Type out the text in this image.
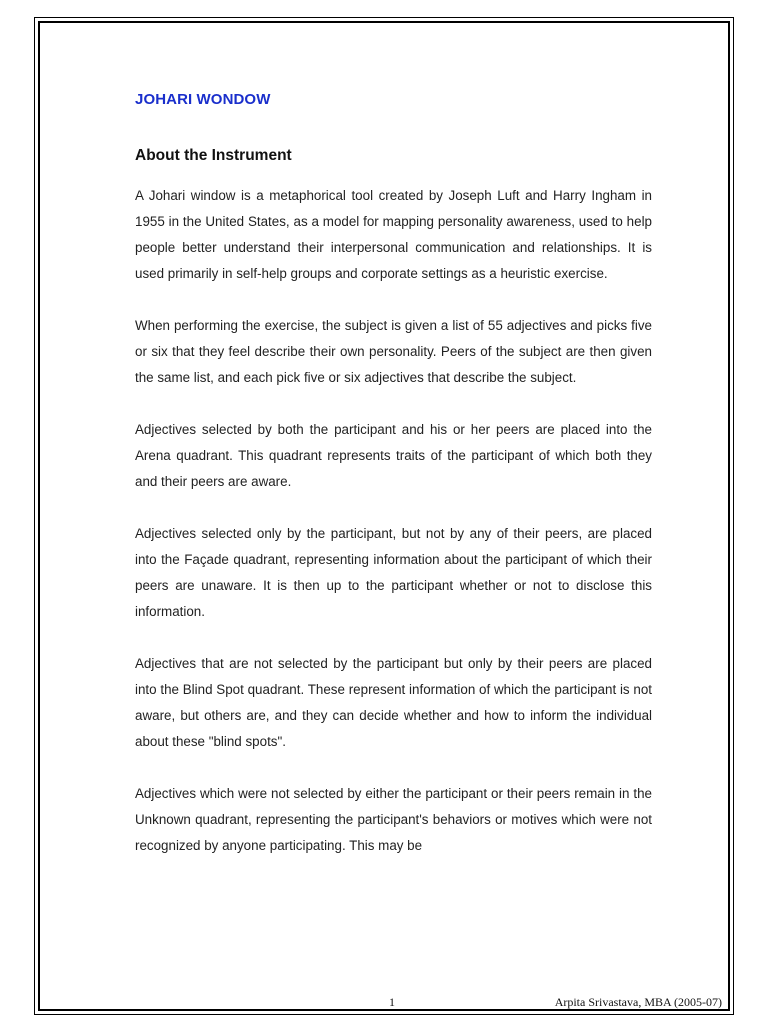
JOHARI WONDOW
About the Instrument

A Johari window is a metaphorical tool created by Joseph Luft and Harry Ingham in 1955 in the United States, as a model for mapping personality awareness, used to help people better understand their interpersonal communication and relationships. It is used primarily in self-help groups and corporate settings as a heuristic exercise.

When performing the exercise, the subject is given a list of 55 adjectives and picks five or six that they feel describe their own personality. Peers of the subject are then given the same list, and each pick five or six adjectives that describe the subject.

Adjectives selected by both the participant and his or her peers are placed into the Arena quadrant. This quadrant represents traits of the participant of which both they and their peers are aware.

Adjectives selected only by the participant, but not by any of their peers, are placed into the Façade quadrant, representing information about the participant of which their peers are unaware. It is then up to the participant whether or not to disclose this information.

Adjectives that are not selected by the participant but only by their peers are placed into the Blind Spot quadrant. These represent information of which the participant is not aware, but others are, and they can decide whether and how to inform the individual about these "blind spots".

Adjectives which were not selected by either the participant or their peers remain in the Unknown quadrant, representing the participant's behaviors or motives which were not recognized by anyone participating. This may be

1	Arpita Srivastava, MBA (2005-07)
